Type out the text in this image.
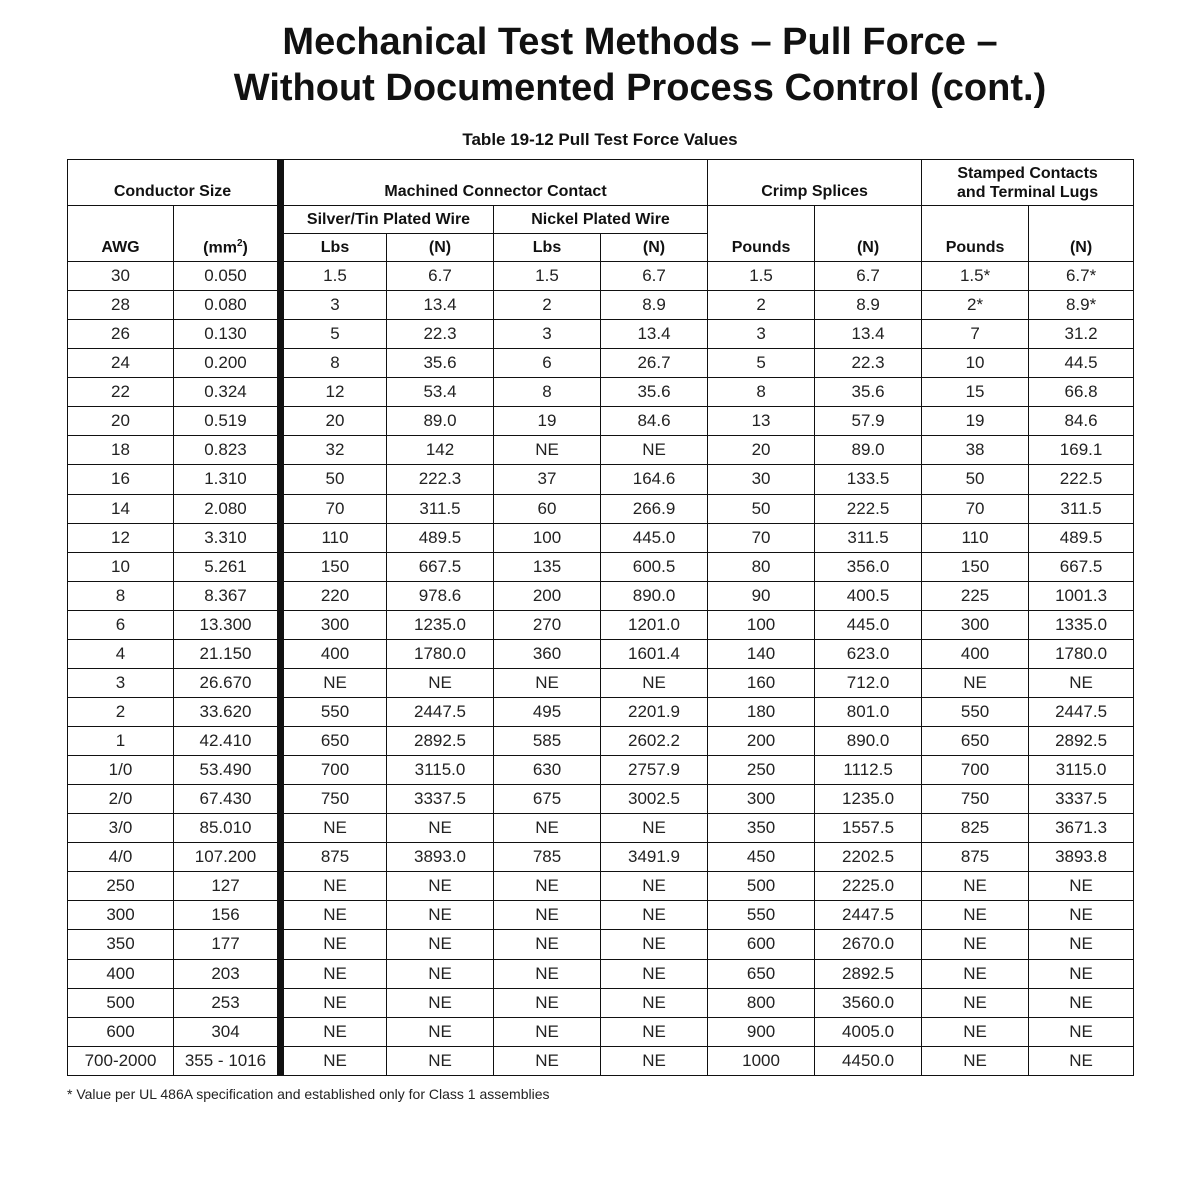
Mechanical Test Methods – Pull Force –
Without Documented Process Control (cont.)
Table 19-12 Pull Test Force Values
Conductor Size		Machined Connector Contact				Crimp Splices		Stamped Contacts and Terminal Lugs	
AWG	$(mm^2)$	Silver/Tin Plated Wire		Nickel Plated Wire		Pounds	(N)	Pounds	(N)
		Lbs	(N)	Lbs	(N)				
30	0.050	1.5	6.7	1.5	6.7	1.5	6.7	1.5*	6.7*
28	0.080	3	13.4	2	8.9	2	8.9	2*	8.9*
26	0.130	5	22.3	3	13.4	3	13.4	7	31.2
24	0.200	8	35.6	6	26.7	5	22.3	10	44.5
22	0.324	12	53.4	8	35.6	8	35.6	15	66.8
20	0.519	20	89.0	19	84.6	13	57.9	19	84.6
18	0.823	32	142	NE	NE	20	89.0	38	169.1
16	1.310	50	222.3	37	164.6	30	133.5	50	222.5
14	2.080	70	311.5	60	266.9	50	222.5	70	311.5
12	3.310	110	489.5	100	445.0	70	311.5	110	489.5
10	5.261	150	667.5	135	600.5	80	356.0	150	667.5
8	8.367	220	978.6	200	890.0	90	400.5	225	1001.3
6	13.300	300	1235.0	270	1201.0	100	445.0	300	1335.0
4	21.150	400	1780.0	360	1601.4	140	623.0	400	1780.0
3	26.670	NE	NE	NE	NE	160	712.0	NE	NE
2	33.620	550	2447.5	495	2201.9	180	801.0	550	2447.5
1	42.410	650	2892.5	585	2602.2	200	890.0	650	2892.5
1/0	53.490	700	3115.0	630	2757.9	250	1112.5	700	3115.0
2/0	67.430	750	3337.5	675	3002.5	300	1235.0	750	3337.5
3/0	85.010	NE	NE	NE	NE	350	1557.5	825	3671.3
4/0	107.200	875	3893.0	785	3491.9	450	2202.5	875	3893.8
250	127	NE	NE	NE	NE	500	2225.0	NE	NE
300	156	NE	NE	NE	NE	550	2447.5	NE	NE
350	177	NE	NE	NE	NE	600	2670.0	NE	NE
400	203	NE	NE	NE	NE	650	2892.5	NE	NE
500	253	NE	NE	NE	NE	800	3560.0	NE	NE
600	304	NE	NE	NE	NE	900	4005.0	NE	NE
700-2000	355 - 1016	NE	NE	NE	NE	1000	4450.0	NE	NE
* Value per UL 486A specification and established only for Class 1 assemblies
